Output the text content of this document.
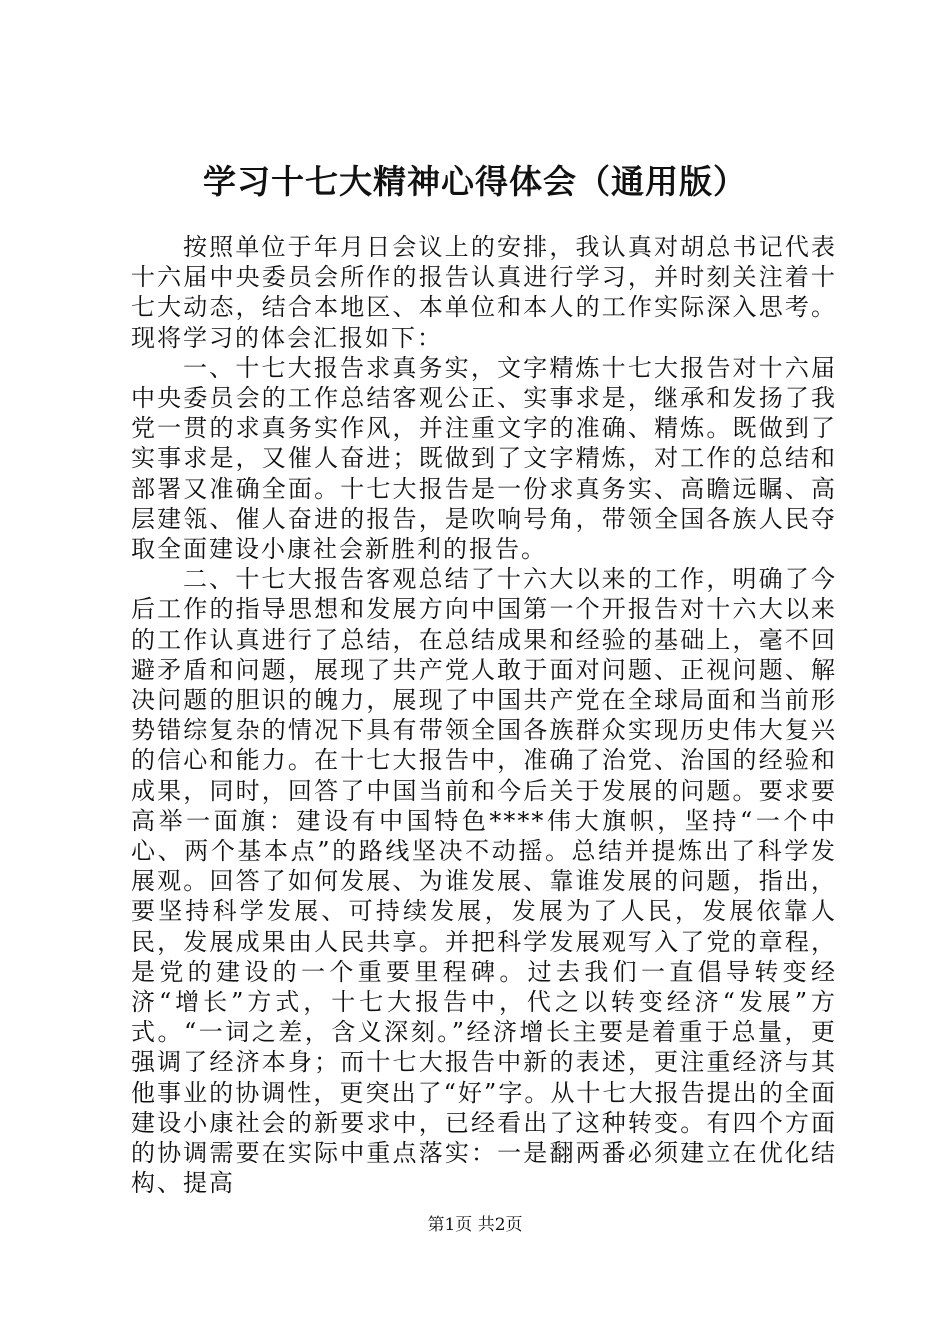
学习十七大精神心得体会（通用版）

按照单位于年月日会议上的安排，我认真对胡总书记代表十六届中央委员会所作的报告认真进行学习，并时刻关注着十七大动态，结合本地区、本单位和本人的工作实际深入思考。现将学习的体会汇报如下：

一、十七大报告求真务实，文字精炼十七大报告对十六届中央委员会的工作总结客观公正、实事求是，继承和发扬了我党一贯的求真务实作风，并注重文字的准确、精炼。既做到了实事求是，又催人奋进；既做到了文字精炼，对工作的总结和部署又准确全面。十七大报告是一份求真务实、高瞻远瞩、高层建瓴、催人奋进的报告，是吹响号角，带领全国各族人民夺取全面建设小康社会新胜利的报告。

二、十七大报告客观总结了十六大以来的工作，明确了今后工作的指导思想和发展方向中国第一个开报告对十六大以来的工作认真进行了总结，在总结成果和经验的基础上，毫不回避矛盾和问题，展现了共产党人敢于面对问题、正视问题、解决问题的胆识的魄力，展现了中国共产党在全球局面和当前形势错综复杂的情况下具有带领全国各族群众实现历史伟大复兴的信心和能力。在十七大报告中，准确了治党、治国的经验和成果，同时，回答了中国当前和今后关于发展的问题。要求要高举一面旗：建设有中国特色****伟大旗帜，坚持“一个中心、两个基本点”的路线坚决不动摇。总结并提炼出了科学发展观。回答了如何发展、为谁发展、靠谁发展的问题，指出，要坚持科学发展、可持续发展，发展为了人民，发展依靠人民，发展成果由人民共享。并把科学发展观写入了党的章程，是党的建设的一个重要里程碑。过去我们一直倡导转变经济“增长”方式，十七大报告中，代之以转变经济“发展”方式。“一词之差，含义深刻。”经济增长主要是着重于总量，更强调了经济本身；而十七大报告中新的表述，更注重经济与其他事业的协调性，更突出了“好”字。从十七大报告提出的全面建设小康社会的新要求中，已经看出了这种转变。有四个方面的协调需要在实际中重点落实：一是翻两番必须建立在优化结构、提高

第1页 共2页
